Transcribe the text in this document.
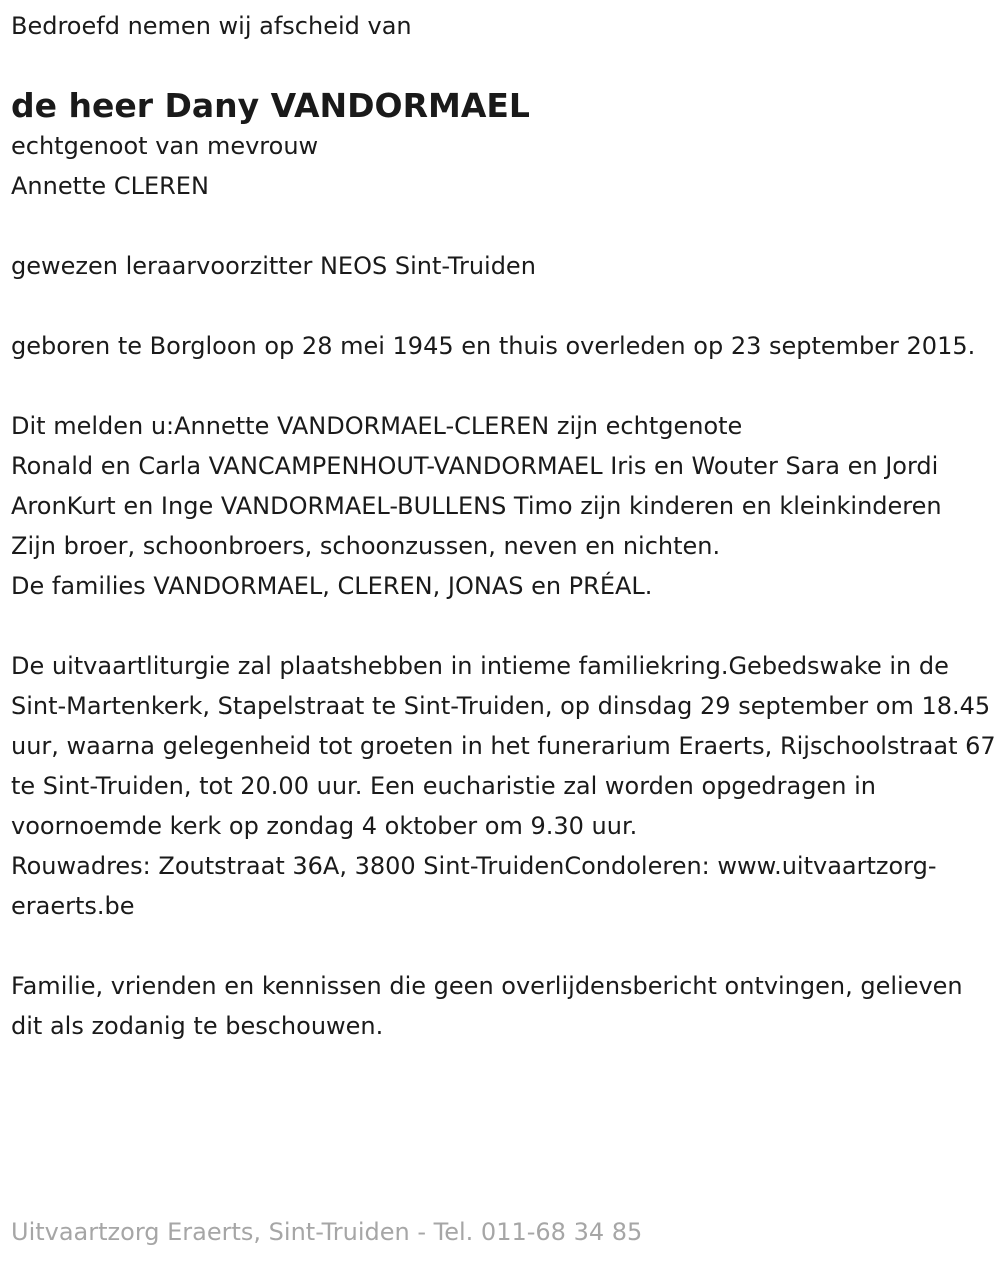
Bedroefd nemen wij afscheid van
de heer Dany VANDORMAEL
echtgenoot van mevrouw
Annette CLEREN
gewezen leraarvoorzitter NEOS Sint-Truiden
geboren te Borgloon op 28 mei 1945 en thuis overleden op 23 september 2015.
Dit melden u:Annette VANDORMAEL-CLEREN zijn echtgenote
Ronald en Carla VANCAMPENHOUT-VANDORMAEL Iris en Wouter Sara en Jordi AronKurt en Inge VANDORMAEL-BULLENS Timo zijn kinderen en kleinkinderen
Zijn broer, schoonbroers, schoonzussen, neven en nichten.
De families VANDORMAEL, CLEREN, JONAS en PRÉAL.
De uitvaartliturgie zal plaatshebben in intieme familiekring.Gebedswake in de Sint-Martenkerk, Stapelstraat te Sint-Truiden, op dinsdag 29 september om 18.45 uur, waarna gelegenheid tot groeten in het funerarium Eraerts, Rijschoolstraat 67 te Sint-Truiden, tot 20.00 uur. Een eucharistie zal worden opgedragen in voornoemde kerk op zondag 4 oktober om 9.30 uur.
Rouwadres: Zoutstraat 36A, 3800 Sint-TruidenCondoleren: www.uitvaartzorg-eraerts.be
Familie, vrienden en kennissen die geen overlijdensbericht ontvingen, gelieven dit als zodanig te beschouwen.
Uitvaartzorg Eraerts, Sint-Truiden - Tel. 011-68 34 85
